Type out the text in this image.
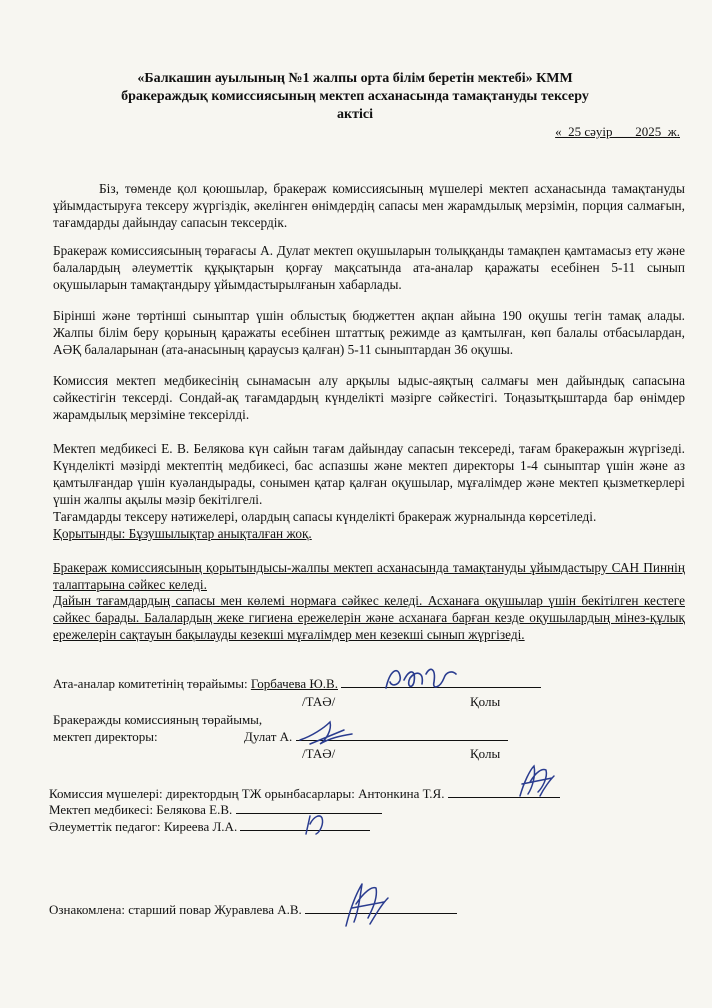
«Балкашин ауылының №1 жалпы орта білім беретін мектебі» КММ
бракераждық комиссиясының мектеп асханасында тамақтануды тексеру
актісі
«_25 сәуір ___2025_ж.
Біз, төменде қол қоюшылар, бракераж комиссиясының мүшелері мектеп асханасында тамақтануды ұйымдастыруға тексеру жүргіздік, әкелінген өнімдердің сапасы мен жарамдылық мерзімін, порция салмағын, тағамдарды дайындау сапасын тексердік.
Бракераж комиссиясының төрағасы А. Дулат мектеп оқушыларын толыққанды тамақпен қамтамасыз ету және балалардың әлеуметтік құқықтарын қорғау мақсатында ата-аналар қаражаты есебінен 5-11 сынып оқушыларын тамақтандыру ұйымдастырылғанын хабарлады.
Бірінші және төртінші сыныптар үшін облыстық бюджеттен ақпан айына 190 оқушы тегін тамақ алады. Жалпы білім беру қорының қаражаты есебінен штаттық режимде аз қамтылған, көп балалы отбасылардан, АӘҚ балаларынан (ата-анасының қараусыз қалған) 5-11 сыныптардан 36 оқушы.
Комиссия мектеп медбикесінің сынамасын алу арқылы ыдыс-аяқтың салмағы мен дайындық сапасына сәйкестігін тексерді. Сондай-ақ тағамдардың күнделікті мәзірге сәйкестігі. Тоңазытқыштарда бар өнімдер жарамдылық мерзіміне тексерілді.
Мектеп медбикесі Е. В. Белякова күн сайын тағам дайындау сапасын тексереді, тағам бракеражын жүргізеді. Күнделікті мәзірді мектептің медбикесі, бас аспазшы және мектеп директоры 1-4 сыныптар үшін және аз қамтылғандар үшін куәландырады, сонымен қатар қалған оқушылар, мұғалімдер және мектеп қызметкерлері үшін жалпы ақылы мәзір бекітілгелі.
Тағамдарды тексеру нәтижелері, олардың сапасы күнделікті бракераж журналында көрсетіледі.
Қорытынды: Бұзушылықтар анықталған жоқ.
Бракераж комиссиясының қорытындысы-жалпы мектеп асханасында тамақтануды ұйымдастыру САН Пиннің талаптарына сәйкес келеді.
Дайын тағамдардың сапасы мен көлемі нормаға сәйкес келеді. Асханаға оқушылар үшін бекітілген кестеге сәйкес барады. Балалардың жеке гигиена ережелерін және асханаға барған кезде оқушылардың мінез-құлық ережелерін сақтауын бақылауды кезекші мұғалімдер мен кезекші сынып жүргізеді.
Ата-аналар комитетінің төрайымы: Горбачева Ю.В.
/ТАӘ/	Қолы
Бракеражды комиссияның төрайымы,
мектеп директоры:	Дулат А.
/ТАӘ/	Қолы
Комиссия мүшелері: директордың ТЖ орынбасарлары: Антонкина Т.Я.
Мектеп медбикесі: Белякова Е.В.
Әлеуметтік педагог: Киреева Л.А.
Ознакомлена: старший повар Журавлева А.В.
